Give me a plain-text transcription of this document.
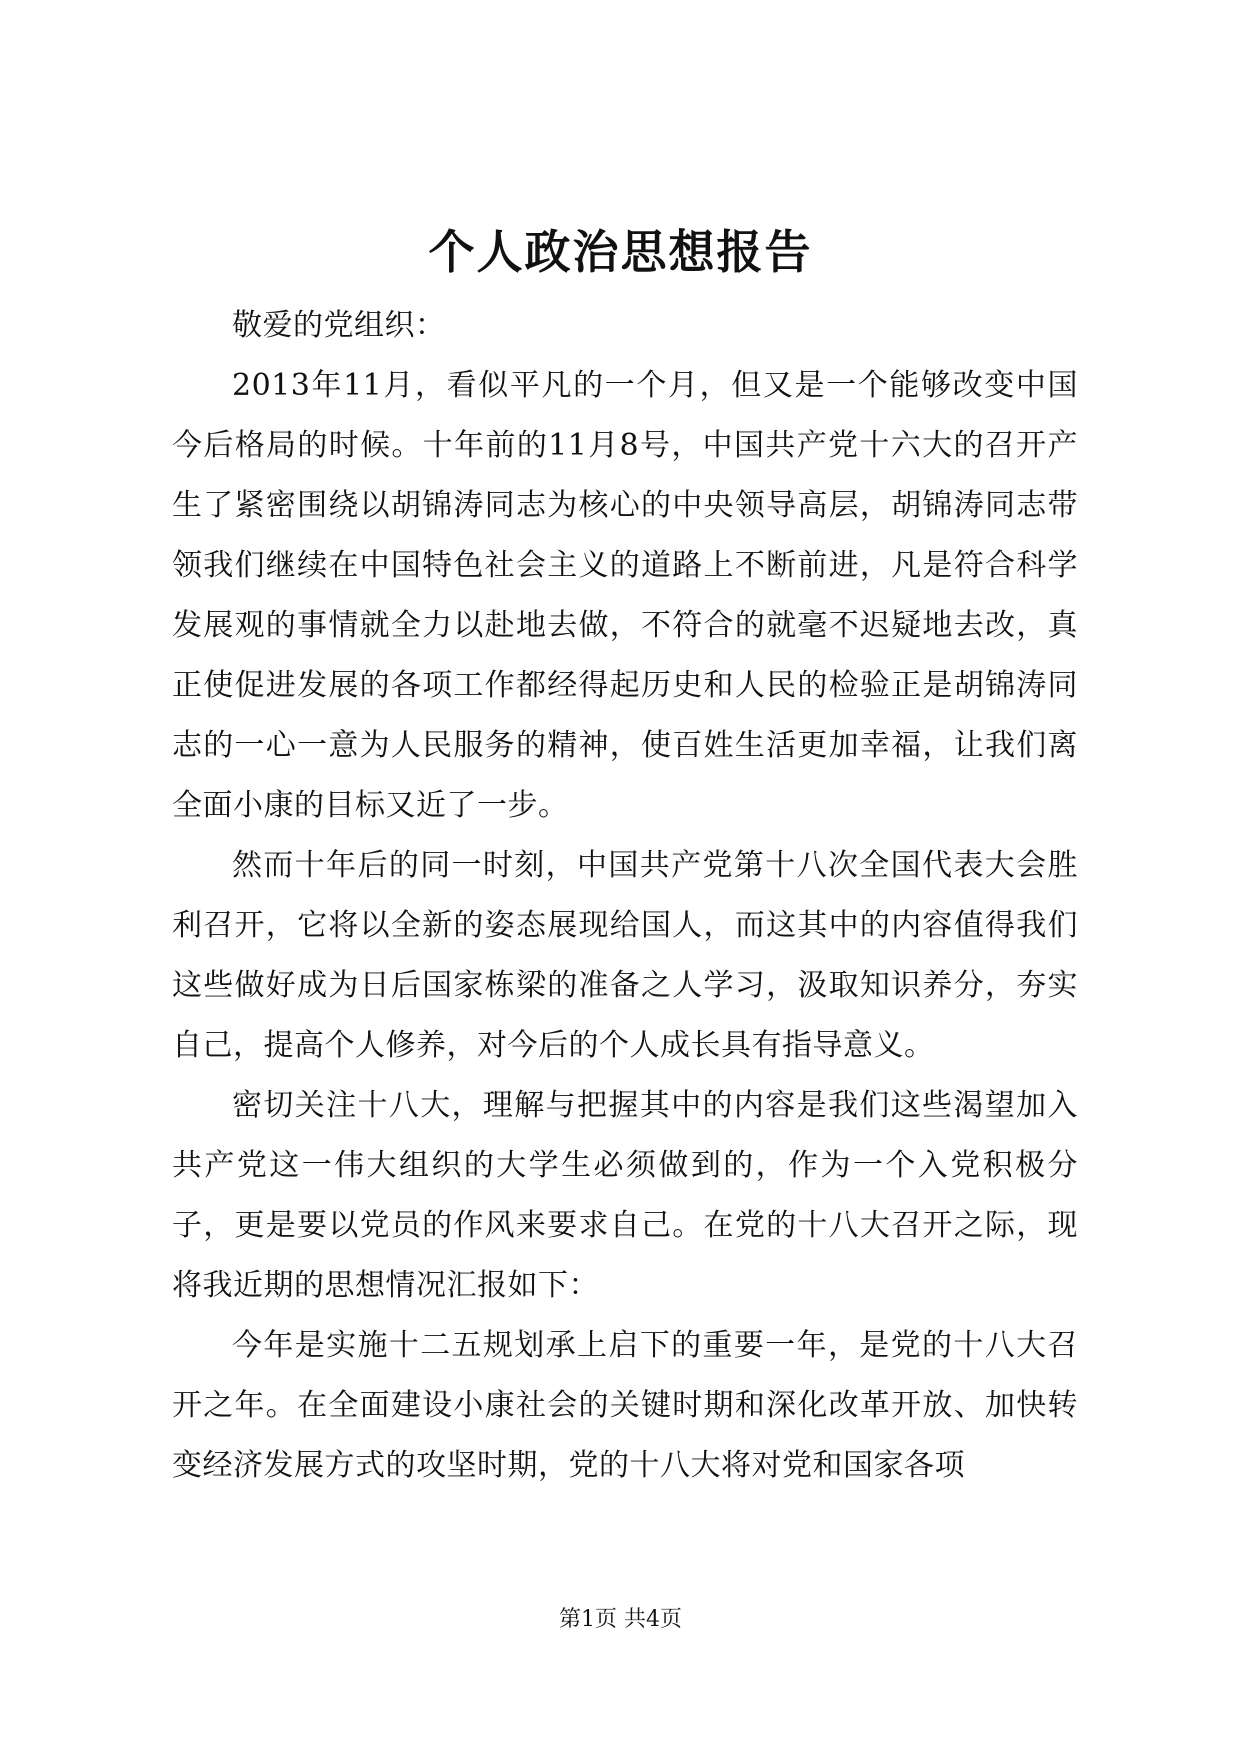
个人政治思想报告

敬爱的党组织：

2013年11月，看似平凡的一个月，但又是一个能够改变中国今后格局的时候。十年前的11月8号，中国共产党十六大的召开产生了紧密围绕以胡锦涛同志为核心的中央领导高层，胡锦涛同志带领我们继续在中国特色社会主义的道路上不断前进，凡是符合科学发展观的事情就全力以赴地去做，不符合的就毫不迟疑地去改，真正使促进发展的各项工作都经得起历史和人民的检验正是胡锦涛同志的一心一意为人民服务的精神，使百姓生活更加幸福，让我们离全面小康的目标又近了一步。

然而十年后的同一时刻，中国共产党第十八次全国代表大会胜利召开，它将以全新的姿态展现给国人，而这其中的内容值得我们这些做好成为日后国家栋梁的准备之人学习，汲取知识养分，夯实自己，提高个人修养，对今后的个人成长具有指导意义。

密切关注十八大，理解与把握其中的内容是我们这些渴望加入共产党这一伟大组织的大学生必须做到的，作为一个入党积极分子，更是要以党员的作风来要求自己。在党的十八大召开之际，现将我近期的思想情况汇报如下：

今年是实施十二五规划承上启下的重要一年，是党的十八大召开之年。在全面建设小康社会的关键时期和深化改革开放、加快转变经济发展方式的攻坚时期，党的十八大将对党和国家各项

第1页 共4页
